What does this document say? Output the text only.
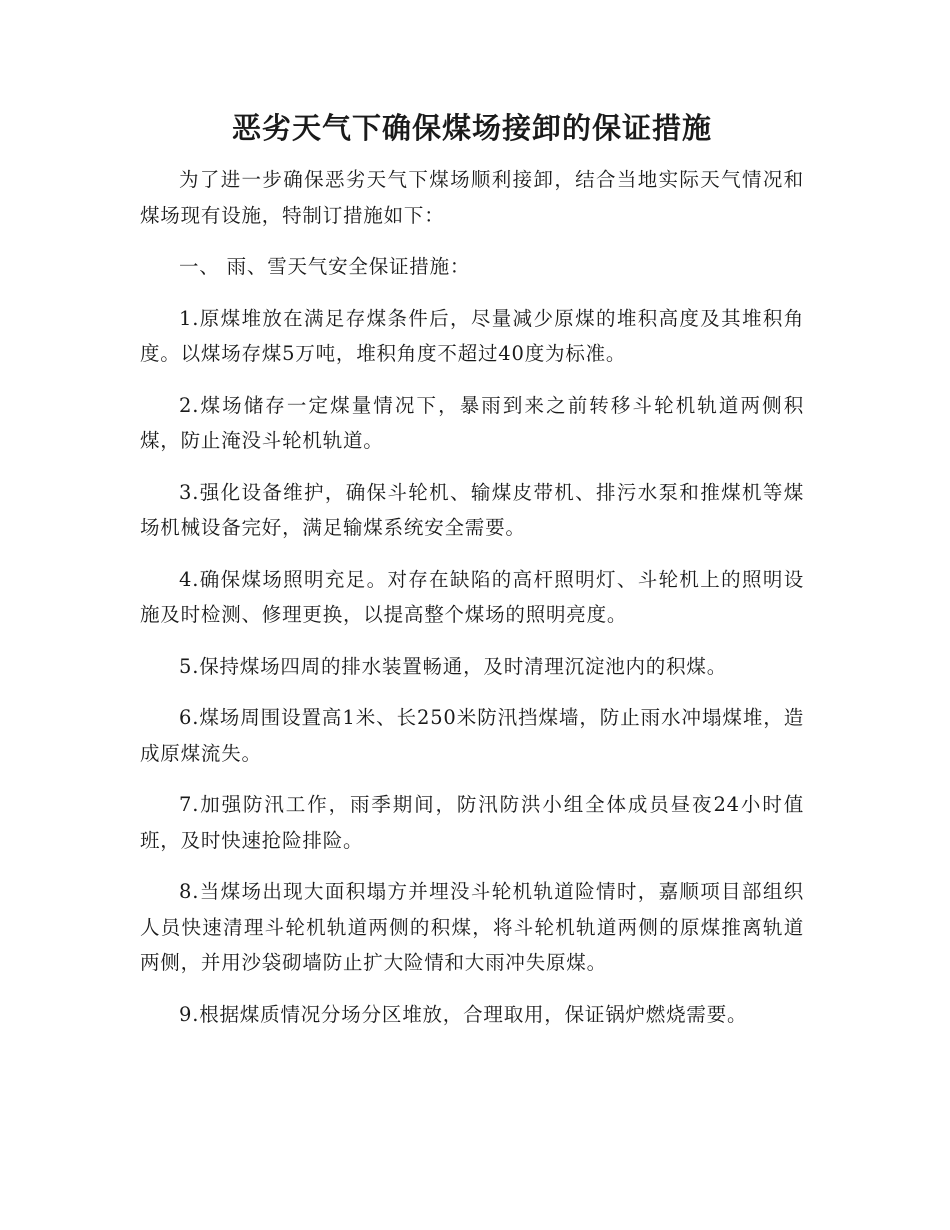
恶劣天气下确保煤场接卸的保证措施

为了进一步确保恶劣天气下煤场顺利接卸，结合当地实际天气情况和煤场现有设施，特制订措施如下：

一、 雨、雪天气安全保证措施：

1.原煤堆放在满足存煤条件后，尽量减少原煤的堆积高度及其堆积角度。以煤场存煤5万吨，堆积角度不超过40度为标准。

2.煤场储存一定煤量情况下，暴雨到来之前转移斗轮机轨道两侧积煤，防止淹没斗轮机轨道。

3.强化设备维护，确保斗轮机、输煤皮带机、排污水泵和推煤机等煤场机械设备完好，满足输煤系统安全需要。

4.确保煤场照明充足。对存在缺陷的高杆照明灯、斗轮机上的照明设施及时检测、修理更换，以提高整个煤场的照明亮度。

5.保持煤场四周的排水装置畅通，及时清理沉淀池内的积煤。

6.煤场周围设置高1米、长250米防汛挡煤墙，防止雨水冲塌煤堆，造成原煤流失。

7.加强防汛工作，雨季期间，防汛防洪小组全体成员昼夜24小时值班，及时快速抢险排险。

8.当煤场出现大面积塌方并埋没斗轮机轨道险情时，嘉顺项目部组织人员快速清理斗轮机轨道两侧的积煤，将斗轮机轨道两侧的原煤推离轨道两侧，并用沙袋砌墙防止扩大险情和大雨冲失原煤。

9.根据煤质情况分场分区堆放，合理取用，保证锅炉燃烧需要。
